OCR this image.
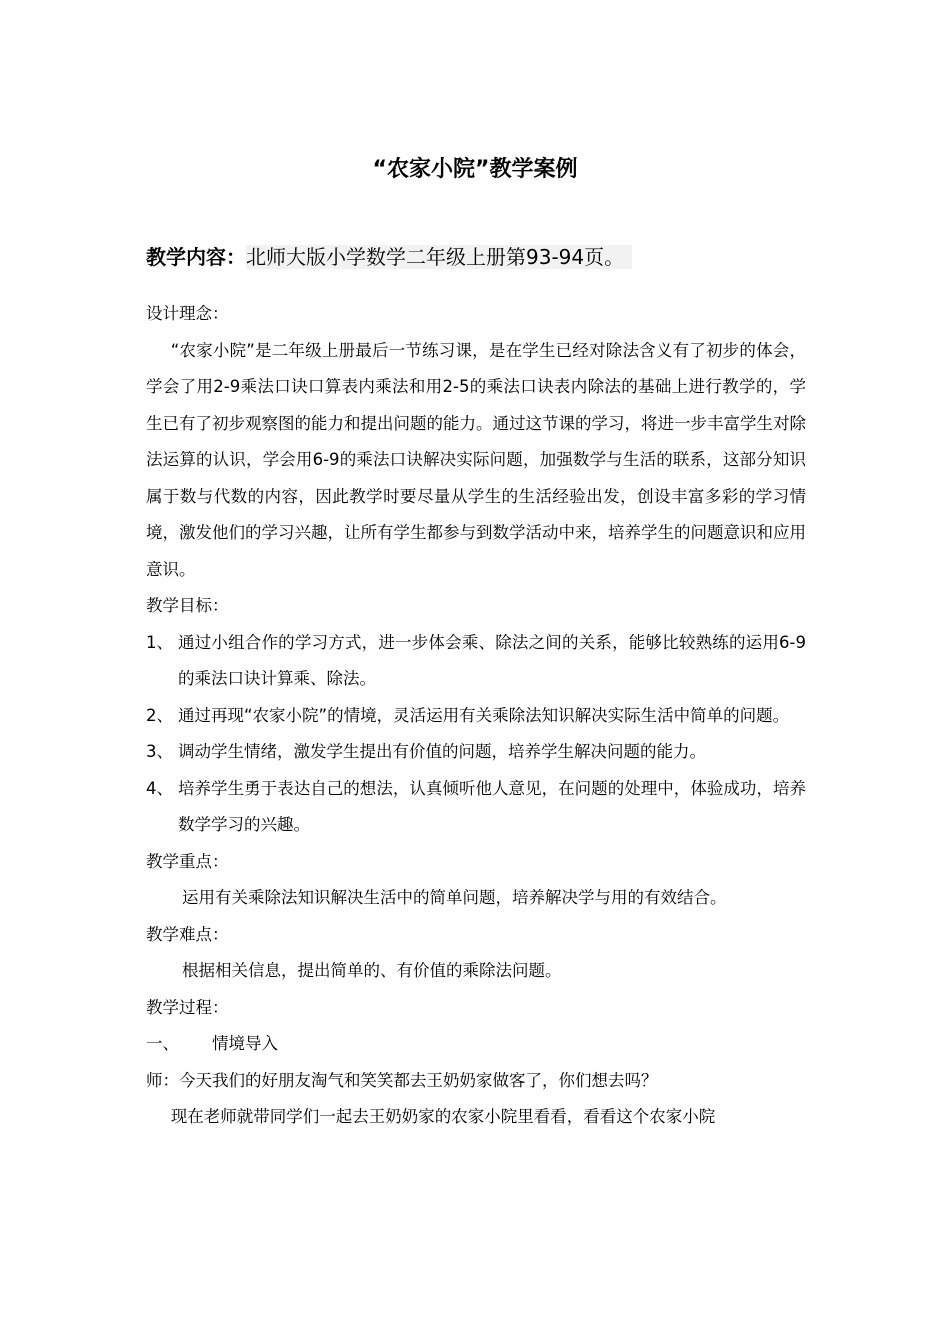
“农家小院”教学案例

教学内容：北师大版小学数学二年级上册第93-94页。

设计理念：

“农家小院”是二年级上册最后一节练习课，是在学生已经对除法含义有了初步的体会，学会了用2-9乘法口诀口算表内乘法和用2-5的乘法口诀表内除法的基础上进行教学的，学生已有了初步观察图的能力和提出问题的能力。通过这节课的学习，将进一步丰富学生对除法运算的认识，学会用6-9的乘法口诀解决实际问题，加强数学与生活的联系，这部分知识属于数与代数的内容，因此教学时要尽量从学生的生活经验出发，创设丰富多彩的学习情境，激发他们的学习兴趣，让所有学生都参与到数学活动中来，培养学生的问题意识和应用意识。

教学目标：

1、 通过小组合作的学习方式，进一步体会乘、除法之间的关系，能够比较熟练的运用6-9的乘法口诀计算乘、除法。
2、 通过再现“农家小院”的情境，灵活运用有关乘除法知识解决实际生活中简单的问题。
3、 调动学生情绪，激发学生提出有价值的问题，培养学生解决问题的能力。
4、 培养学生勇于表达自己的想法，认真倾听他人意见，在问题的处理中，体验成功，培养数学学习的兴趣。

教学重点：

运用有关乘除法知识解决生活中的简单问题，培养解决学与用的有效结合。

教学难点：

根据相关信息，提出简单的、有价值的乘除法问题。

教学过程：

一、 情境导入

师：今天我们的好朋友淘气和笑笑都去王奶奶家做客了，你们想去吗？

现在老师就带同学们一起去王奶奶家的农家小院里看看，看看这个农家小院
